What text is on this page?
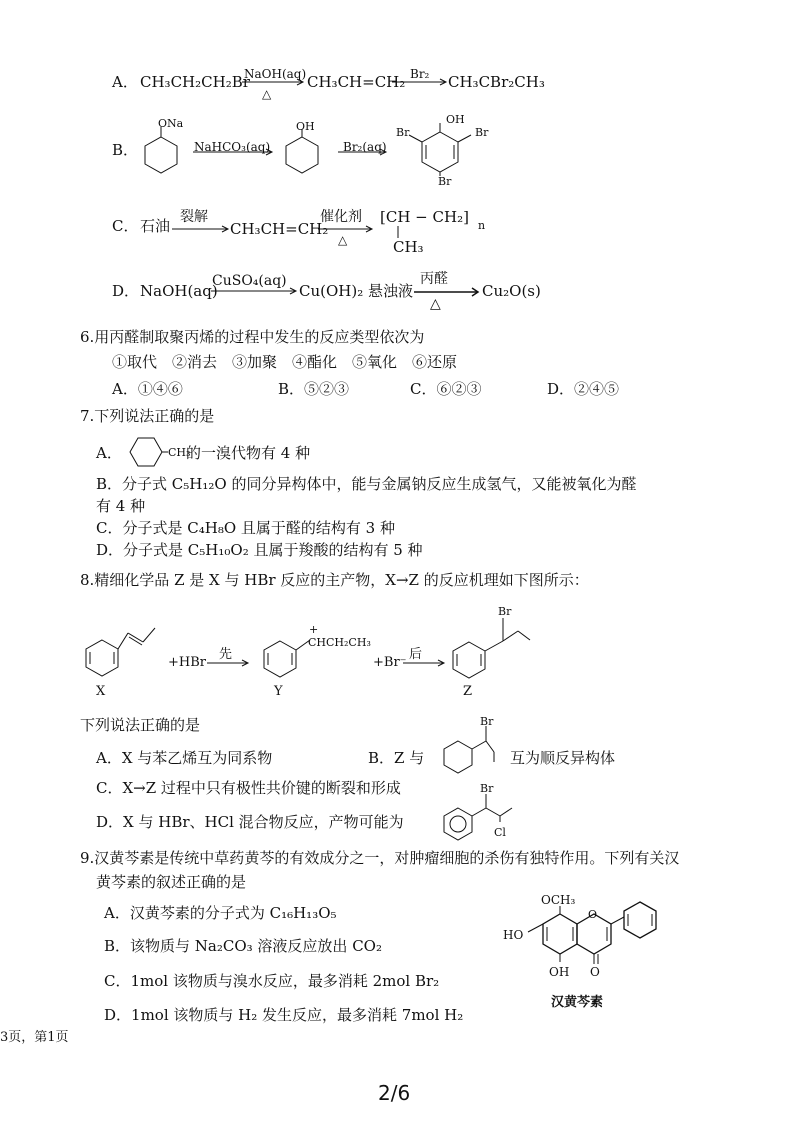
A． CH₃CH₂CH₂Br
NaOH(aq)
△
CH₃CH=CH₂ Br₂ CH₃CBr₂CH₃
B．
ONa
NaHCO₃(aq)
OH
Br₂(aq)
OH
Br	Br
Br
C． 石油 裂解
CH₃CH=CH₂
催化剂
△
[CH − CH₂] n
CH₃
D． NaOH(aq)
CuSO₄(aq)
Cu(OH)₂ 悬浊液
丙醛
△
Cu₂O(s)
6.用丙醛制取聚丙烯的过程中发生的反应类型依次为
①取代　②消去　③加聚　④酯化　⑤氧化　⑥还原
A．①④⑥	B．⑤②③	C．⑥②③	D．②④⑤
7.下列说法正确的是
A．	CH₃
的一溴代物有 4 种
B．分子式 C₅H₁₂O 的同分异构体中，能与金属钠反应生成氢气，又能被氧化为醛
有 4 种
C．分子式是 C₄H₈O 且属于醛的结构有 3 种
D．分子式是 C₅H₁₀O₂ 且属于羧酸的结构有 5 种
8.精细化学品 Z 是 X 与 HBr 反应的主产物，X→Z 的反应机理如下图所示：
+HBr
先
CHCH₂CH₃
+
+Br⁻
后
Br
X	Y	Z
下列说法正确的是
A．X 与苯乙烯互为同系物	B．Z 与
Br
互为顺反异构体
C．X→Z 过程中只有极性共价键的断裂和形成
D．X 与 HBr、HCl 混合物反应，产物可能为
Br
Cl
9.汉黄芩素是传统中草药黄芩的有效成分之一，对肿瘤细胞的杀伤有独特作用。下列有关汉
黄芩素的叙述正确的是
A．汉黄芩素的分子式为 C₁₆H₁₃O₅
B．该物质与 Na₂CO₃ 溶液反应放出 CO₂
C．1mol 该物质与溴水反应，最多消耗 2mol Br₂
D．1mol 该物质与 H₂ 发生反应，最多消耗 7mol H₂
OCH₃
HO
O
OH O
汉黄芩素
3页，第1页
2/6
